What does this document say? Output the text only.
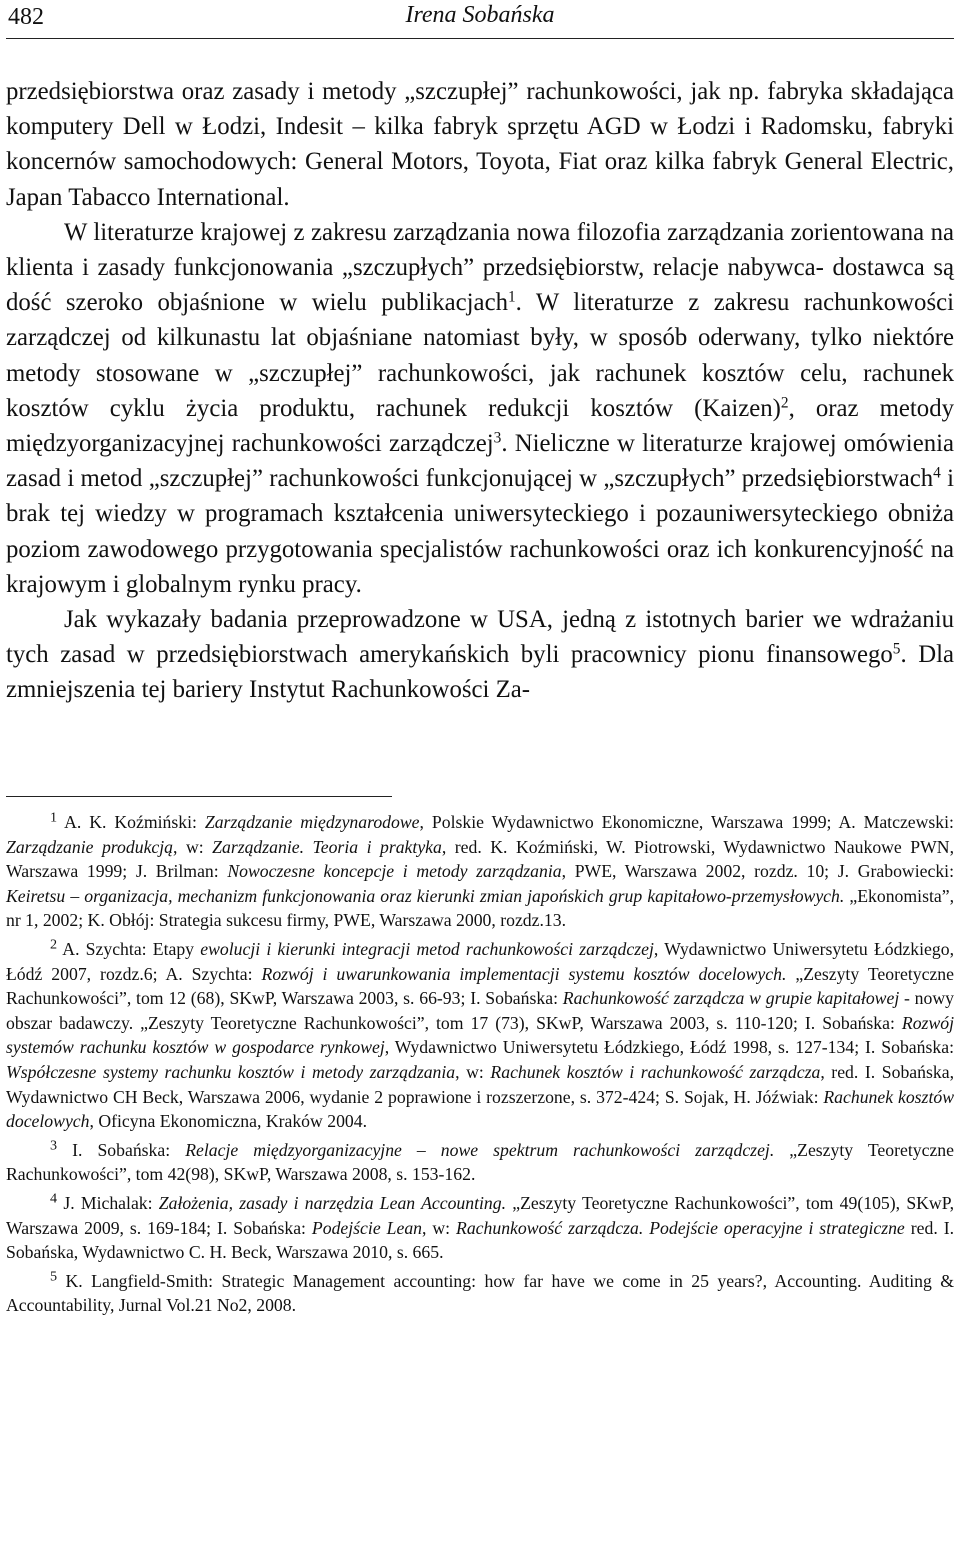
482	Irena Sobańska

przedsiębiorstwa oraz zasady i metody „szczupłej” rachunkowości, jak np. fabryka składająca komputery Dell w Łodzi, Indesit – kilka fabryk sprzętu AGD w Łodzi i Radomsku, fabryki koncernów samochodowych: General Motors, Toyota, Fiat oraz kilka fabryk General Electric, Japan Tabacco International.

W literaturze krajowej z zakresu zarządzania nowa filozofia zarządzania zorientowana na klienta i zasady funkcjonowania „szczupłych” przedsiębiorstw, relacje nabywca- dostawca są dość szeroko objaśnione w wielu publikacjach$^1$. W literaturze z zakresu rachunkowości zarządczej od kilkunastu lat objaśniane natomiast były, w sposób oderwany, tylko niektóre metody stosowane w „szczupłej” rachunkowości, jak rachunek kosztów celu, rachunek kosztów cyklu życia produktu, rachunek redukcji kosztów (Kaizen)$^2$, oraz metody międzyorganizacyjnej rachunkowości zarządczej$^3$. Nieliczne w literaturze krajowej omówienia zasad i metod „szczupłej” rachunkowości funkcjonującej w „szczupłych” przedsiębiorstwach$^4$ i brak tej wiedzy w programach kształcenia uniwersyteckiego i pozauniwersyteckiego obniża poziom zawodowego przygotowania specjalistów rachunkowości oraz ich konkurencyjność na krajowym i globalnym rynku pracy.

Jak wykazały badania przeprowadzone w USA, jedną z istotnych barier we wdrażaniu tych zasad w przedsiębiorstwach amerykańskich byli pracownicy pionu finansowego$^5$. Dla zmniejszenia tej bariery Instytut Rachunkowości Za-

$^1$ A. K. Koźmiński: Zarządzanie międzynarodowe, Polskie Wydawnictwo Ekonomiczne, Warszawa 1999; A. Matczewski: Zarządzanie produkcją, w: Zarządzanie. Teoria i praktyka, red. K. Koźmiński, W. Piotrowski, Wydawnictwo Naukowe PWN, Warszawa 1999; J. Brilman: Nowoczesne koncepcje i metody zarządzania, PWE, Warszawa 2002, rozdz. 10; J. Grabowiecki: Keiretsu – organizacja, mechanizm funkcjonowania oraz kierunki zmian japońskich grup kapitałowo-przemysłowych. „Ekonomista”, nr 1, 2002; K. Obłój: Strategia sukcesu firmy, PWE, Warszawa 2000, rozdz.13.

$^2$ A. Szychta: Etapy ewolucji i kierunki integracji metod rachunkowości zarządczej, Wydawnictwo Uniwersytetu Łódzkiego, Łódź 2007, rozdz.6; A. Szychta: Rozwój i uwarunkowania implementacji systemu kosztów docelowych. „Zeszyty Teoretyczne Rachunkowości”, tom 12 (68), SKwP, Warszawa 2003, s. 66-93; I. Sobańska: Rachunkowość zarządcza w grupie kapitałowej - nowy obszar badawczy. „Zeszyty Teoretyczne Rachunkowości”, tom 17 (73), SKwP, Warszawa 2003, s. 110-120; I. Sobańska: Rozwój systemów rachunku kosztów w gospodarce rynkowej, Wydawnictwo Uniwersytetu Łódzkiego, Łódź 1998, s. 127-134; I. Sobańska: Współczesne systemy rachunku kosztów i metody zarządzania, w: Rachunek kosztów i rachunkowość zarządcza, red. I. Sobańska, Wydawnictwo CH Beck, Warszawa 2006, wydanie 2 poprawione i rozszerzone, s. 372-424; S. Sojak, H. Jóźwiak: Rachunek kosztów docelowych, Oficyna Ekonomiczna, Kraków 2004.

$^3$ I. Sobańska: Relacje międzyorganizacyjne – nowe spektrum rachunkowości zarządczej. „Zeszyty Teoretyczne Rachunkowości”, tom 42(98), SKwP, Warszawa 2008, s. 153-162.

$^4$ J. Michalak: Założenia, zasady i narzędzia Lean Accounting. „Zeszyty Teoretyczne Rachunkowości”, tom 49(105), SKwP, Warszawa 2009, s. 169-184; I. Sobańska: Podejście Lean, w: Rachunkowość zarządcza. Podejście operacyjne i strategiczne red. I. Sobańska, Wydawnictwo C. H. Beck, Warszawa 2010, s. 665.

$^5$ K. Langfield-Smith: Strategic Management accounting: how far have we come in 25 years?, Accounting. Auditing & Accountability, Jurnal Vol.21 No2, 2008.
